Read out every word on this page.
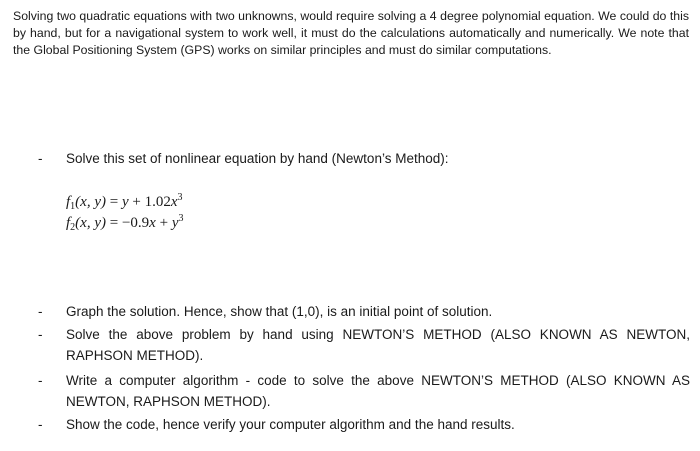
Solving two quadratic equations with two unknowns, would require solving a 4 degree polynomial equation. We could do this by hand, but for a navigational system to work well, it must do the calculations automatically and numerically. We note that the Global Positioning System (GPS) works on similar principles and must do similar computations.

-	Solve this set of nonlinear equation by hand (Newton’s Method):
$f_1(x$, $y) = y + 1.02x^3$
$f_2(x$, $y) = -0.9x + y^3$
-	Graph the solution. Hence, show that (1,0), is an initial point of solution.
-	Solve the above problem by hand using NEWTON’S METHOD (ALSO KNOWN AS NEWTON, RAPHSON METHOD).
-	Write a computer algorithm - code to solve the above NEWTON’S METHOD (ALSO KNOWN AS NEWTON, RAPHSON METHOD).
-	Show the code, hence verify your computer algorithm and the hand results.
